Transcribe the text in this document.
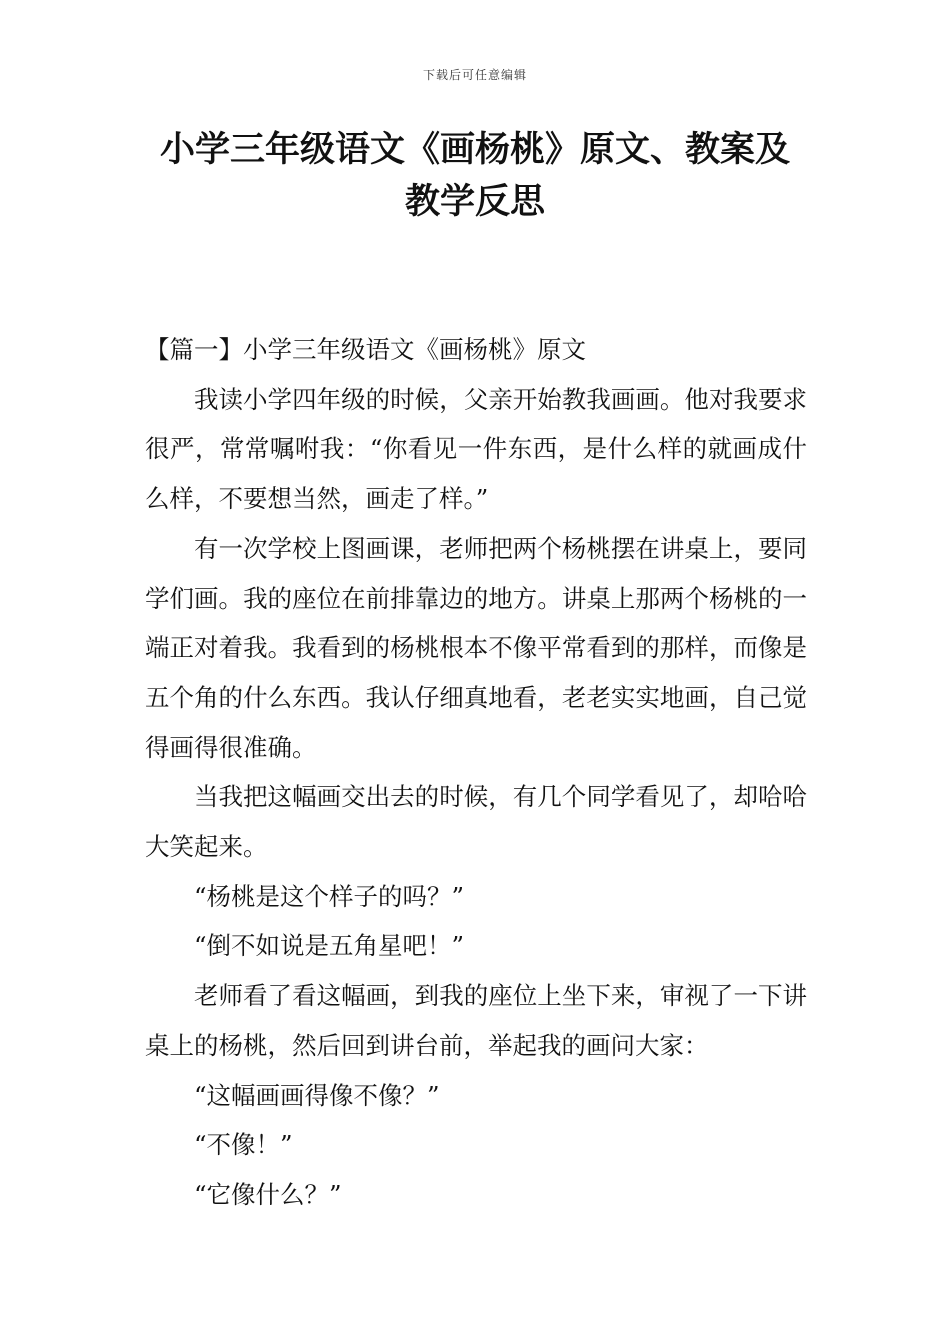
下载后可任意编辑
小学三年级语文《画杨桃》原文、教案及
教学反思

【篇一】小学三年级语文《画杨桃》原文

我读小学四年级的时候，父亲开始教我画画。他对我要求很严，常常嘱咐我：“你看见一件东西，是什么样的就画成什么样，不要想当然，画走了样。”

有一次学校上图画课，老师把两个杨桃摆在讲桌上，要同学们画。我的座位在前排靠边的地方。讲桌上那两个杨桃的一端正对着我。我看到的杨桃根本不像平常看到的那样，而像是五个角的什么东西。我认仔细真地看，老老实实地画，自己觉得画得很准确。

当我把这幅画交出去的时候，有几个同学看见了，却哈哈大笑起来。

“杨桃是这个样子的吗？”

“倒不如说是五角星吧！”

老师看了看这幅画，到我的座位上坐下来，审视了一下讲桌上的杨桃，然后回到讲台前，举起我的画问大家：

“这幅画画得像不像？”

“不像！”

“它像什么？”
